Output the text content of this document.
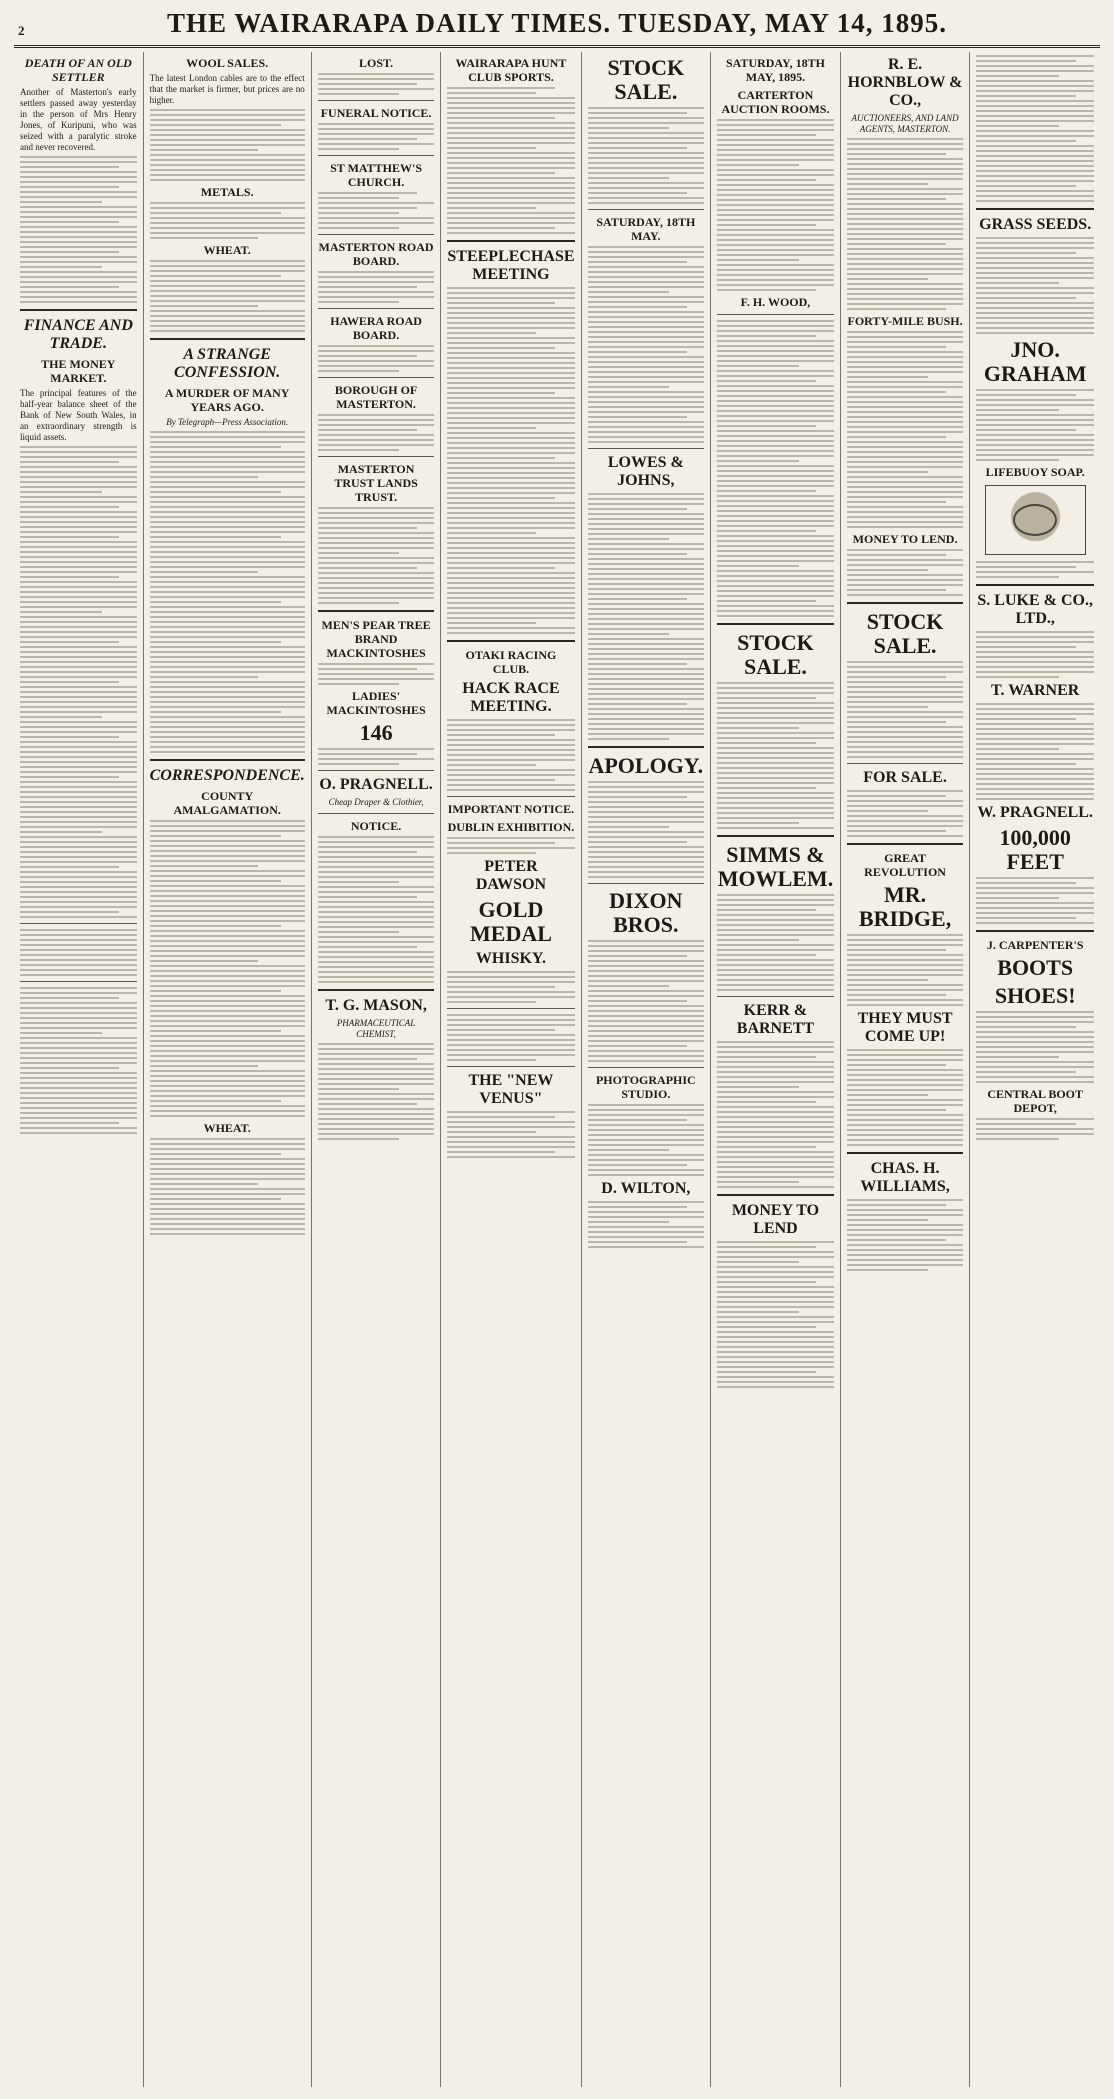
2	THE WAIRARAPA DAILY TIMES. TUESDAY, MAY 14, 1895.
DEATH OF AN OLD SETTLER
Another of Masterton's early settlers passed away yesterday in the person of Mrs Henry Jones, of Kuripuni, who was seized with a paralytic stroke and never recovered.
FINANCE AND TRADE.
THE MONEY MARKET.
The principal features of the half-year balance sheet of the Bank of New South Wales, in an extraordinary strength is liquid assets.
WOOL SALES.
The latest London cables are to the effect that the market is firmer, but prices are no higher.
METALS.
WHEAT.
A STRANGE CONFESSION.
A MURDER OF MANY YEARS AGO.
By Telegraph—Press Association.
CORRESPONDENCE.
COUNTY AMALGAMATION.
WHEAT.
LOST.
FUNERAL NOTICE.
ST MATTHEW'S CHURCH.
MASTERTON ROAD BOARD.
HAWERA ROAD BOARD.
BOROUGH OF MASTERTON.
MASTERTON TRUST LANDS TRUST.
MEN'S PEAR TREE BRAND MACKINTOSHES
LADIES' MACKINTOSHES
146
O. PRAGNELL.
Cheap Draper & Clothier,
NOTICE.
T. G. MASON,
PHARMACEUTICAL CHEMIST,
WAIRARAPA HUNT CLUB SPORTS.
STEEPLECHASE MEETING
OTAKI RACING CLUB.
HACK RACE MEETING.
IMPORTANT NOTICE.
DUBLIN EXHIBITION.
PETER DAWSON
GOLD MEDAL
WHISKY.
THE "NEW VENUS"
STOCK SALE.
SATURDAY, 18TH MAY.
LOWES & JOHNS,
APOLOGY.
DIXON BROS.
PHOTOGRAPHIC STUDIO.
D. WILTON,
SATURDAY, 18TH MAY, 1895.
CARTERTON AUCTION ROOMS.
F. H. WOOD,
STOCK SALE.
SIMMS & MOWLEM.
KERR & BARNETT
MONEY TO LEND
R. E. HORNBLOW & CO.,
AUCTIONEERS, AND LAND AGENTS, MASTERTON.
FORTY-MILE BUSH.
MONEY TO LEND.
STOCK SALE.
FOR SALE.
GREAT REVOLUTION
MR. BRIDGE,
THEY MUST COME UP!
CHAS. H. WILLIAMS,
GRASS SEEDS.
JNO. GRAHAM
LIFEBUOY SOAP.
S. LUKE & CO., LTD.,
T. WARNER
W. PRAGNELL.
100,000 FEET
J. CARPENTER'S
BOOTS
SHOES!
CENTRAL BOOT DEPOT,
